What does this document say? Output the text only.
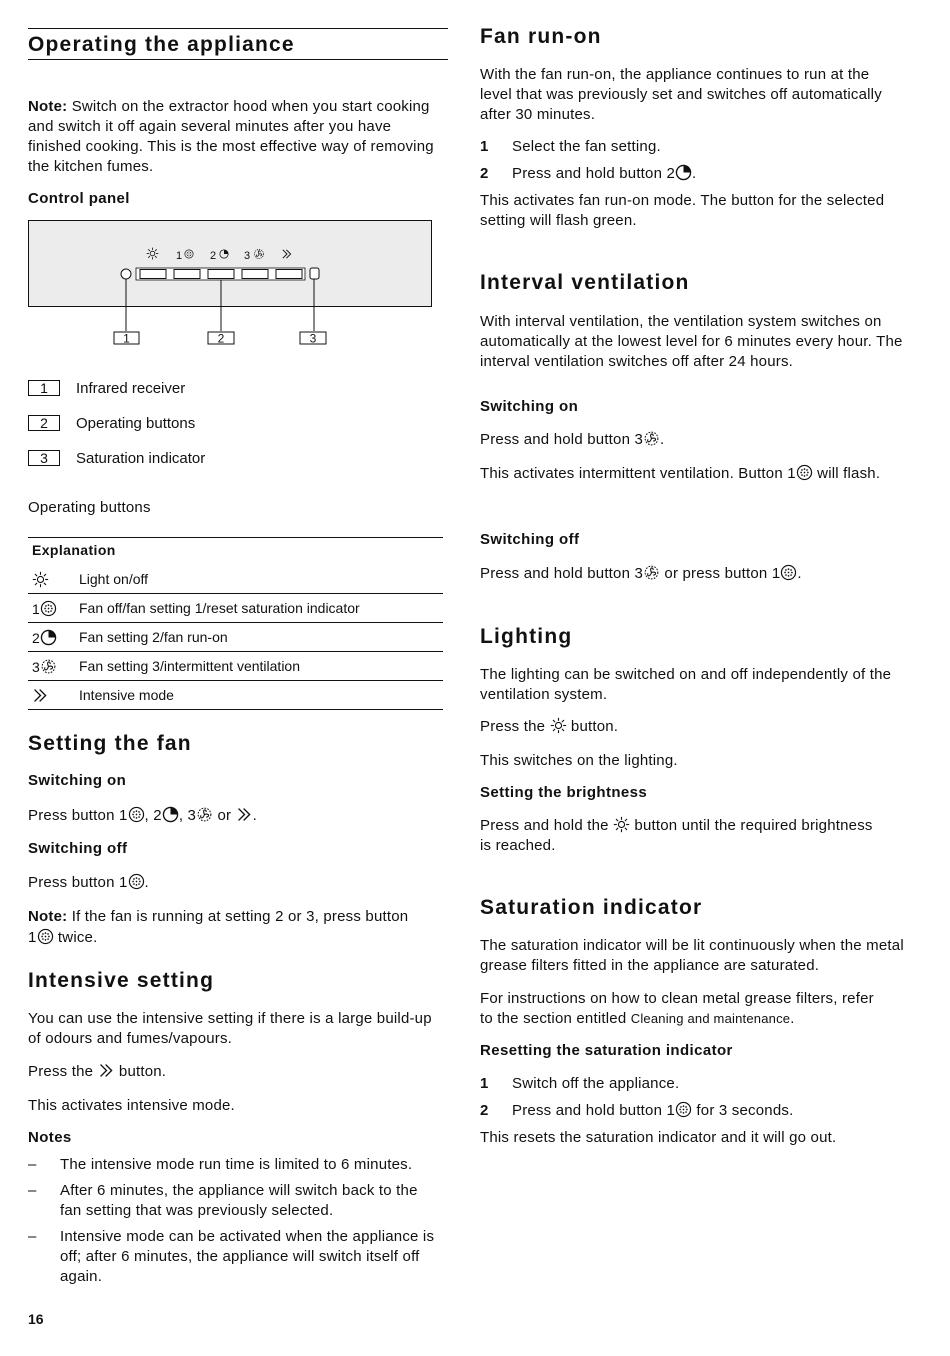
Operating the appliance

Note: Switch on the extractor hood when you start cooking and switch it off again several minutes after you have finished cooking. This is the most effective way of removing the kitchen fumes.

Control panel
1	2	3
1	2	3
1	Infrared receiver
2	Operating buttons
3	Saturation indicator

Operating buttons

Explanation
	Light on/off
1	Fan off/fan setting 1/reset saturation indicator
2	Fan setting 2/fan run-on
3	Fan setting 3/intermittent ventilation
	Intensive mode
Setting the fan
Switching on

Press button 1 , 2 , 3 or .

Switching off

Press button 1 .

Note: If the fan is running at setting 2 or 3, press button

1 twice.

Intensive setting

You can use the intensive setting if there is a large build-up of odours and fumes/vapours.

Press the  button.

This activates intensive mode.

Notes

– The intensive mode run time is limited to 6 minutes.

– After 6 minutes, the appliance will switch back to the fan setting that was previously selected.

– Intensive mode can be activated when the appliance is off; after 6 minutes, the appliance will switch itself off again.

16
Fan run-on

With the fan run-on, the appliance continues to run at the level that was previously set and switches off automatically after 30 minutes.

1 Select the fan setting.

2 Press and hold button 2 .

This activates fan run-on mode. The button for the selected setting will flash green.

Interval ventilation

With interval ventilation, the ventilation system switches on automatically at the lowest level for 6 minutes every hour. The interval ventilation switches off after 24 hours.

Switching on

Press and hold button 3 .

This activates intermittent ventilation. Button 1 will flash.

Switching off

Press and hold button 3 or press button 1 .

Lighting

The lighting can be switched on and off independently of the ventilation system.

Press the  button.

This switches on the lighting.

Setting the brightness

Press and hold the  button until the required brightness is reached.

Saturation indicator

The saturation indicator will be lit continuously when the metal grease filters fitted in the appliance are saturated.

For instructions on how to clean metal grease filters, refer to the section entitled Cleaning and maintenance.

Resetting the saturation indicator

1 Switch off the appliance.

2 Press and hold button 1 for 3 seconds.

This resets the saturation indicator and it will go out.
